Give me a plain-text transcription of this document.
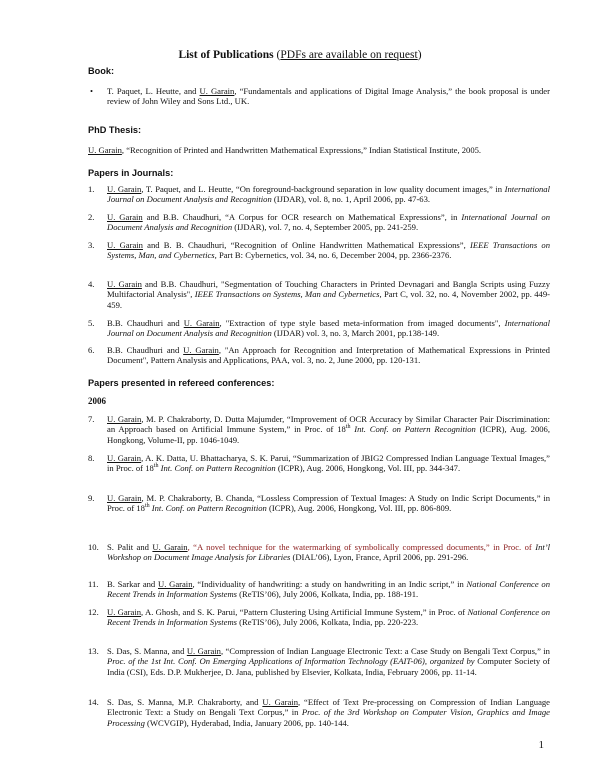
List of Publications (PDFs are available on request)
Book:
•	T. Paquet, L. Heutte, and U. Garain, “Fundamentals and applications of Digital Image Analysis,” the book proposal is under review of John Wiley and Sons Ltd., UK.
PhD Thesis:
U. Garain, “Recognition of Printed and Handwritten Mathematical Expressions,” Indian Statistical Institute, 2005.
Papers in Journals:
1.	U. Garain, T. Paquet, and L. Heutte, “On foreground-background separation in low quality document images,” in International Journal on Document Analysis and Recognition (IJDAR), vol. 8, no. 1, April 2006, pp. 47-63.
2.	U. Garain and B.B. Chaudhuri, “A Corpus for OCR research on Mathematical Expressions”, in International Journal on Document Analysis and Recognition (IJDAR), vol. 7, no. 4, September 2005, pp. 241-259.
3.	U. Garain and B. B. Chaudhuri, “Recognition of Online Handwritten Mathematical Expressions”, IEEE Transactions on Systems, Man, and Cybernetics, Part B: Cybernetics, vol. 34, no. 6, December 2004, pp. 2366-2376.
4.	U. Garain and B.B. Chaudhuri, "Segmentation of Touching Characters in Printed Devnagari and Bangla Scripts using Fuzzy Multifactorial Analysis", IEEE Transactions on Systems, Man and Cybernetics, Part C, vol. 32, no. 4, November 2002, pp. 449- 459.
5.	B.B. Chaudhuri and U. Garain, "Extraction of type style based meta-information from imaged documents", International Journal on Document Analysis and Recognition (IJDAR) vol. 3, no. 3, March 2001, pp.138-149.
6.	B.B. Chaudhuri and U. Garain, "An Approach for Recognition and Interpretation of Mathematical Expressions in Printed Document", Pattern Analysis and Applications, PAA, vol. 3, no. 2, June 2000, pp. 120-131.
Papers presented in refereed conferences:
2006
7.	U. Garain, M. P. Chakraborty, D. Dutta Majumder, “Improvement of OCR Accuracy by Similar Character Pair Discrimination: an Approach based on Artificial Immune System,” in Proc. of 18th Int. Conf. on Pattern Recognition (ICPR), Aug. 2006, Hongkong, Volume-II, pp. 1046-1049.
8.	U. Garain, A. K. Datta, U. Bhattacharya, S. K. Parui, “Summarization of JBIG2 Compressed Indian Language Textual Images,” in Proc. of 18th Int. Conf. on Pattern Recognition (ICPR), Aug. 2006, Hongkong, Vol. III, pp. 344-347.
9.	U. Garain, M. P. Chakraborty, B. Chanda, “Lossless Compression of Textual Images: A Study on Indic Script Documents,” in Proc. of 18th Int. Conf. on Pattern Recognition (ICPR), Aug. 2006, Hongkong, Vol. III, pp. 806-809.
10. S. Palit and U. Garain, “A novel technique for the watermarking of symbolically compressed documents,” in Proc. of Int’l Workshop on Document Image Analysis for Libraries (DIAL’06), Lyon, France, April 2006, pp. 291-296.
11. B. Sarkar and U. Garain, “Individuality of handwriting: a study on handwriting in an Indic script,” in National Conference on Recent Trends in Information Systems (ReTIS’06), July 2006, Kolkata, India, pp. 188-191.
12. U. Garain, A. Ghosh, and S. K. Parui, “Pattern Clustering Using Artificial Immune System,” in Proc. of National Conference on Recent Trends in Information Systems (ReTIS’06), July 2006, Kolkata, India, pp. 220-223.
13. S. Das, S. Manna, and U. Garain, “Compression of Indian Language Electronic Text: a Case Study on Bengali Text Corpus,” in Proc. of the 1st Int. Conf. On Emerging Applications of Information Technology (EAIT-06), organized by Computer Society of India (CSI), Eds. D.P. Mukherjee, D. Jana, published by Elsevier, Kolkata, India, February 2006, pp. 11-14.
14. S. Das, S. Manna, M.P. Chakraborty, and U. Garain, “Effect of Text Pre-processing on Compression of Indian Language Electronic Text: a Study on Bengali Text Corpus,” in Proc. of the 3rd Workshop on Computer Vision, Graphics and Image Processing (WCVGIP), Hyderabad, India, January 2006, pp. 140-144.
1
